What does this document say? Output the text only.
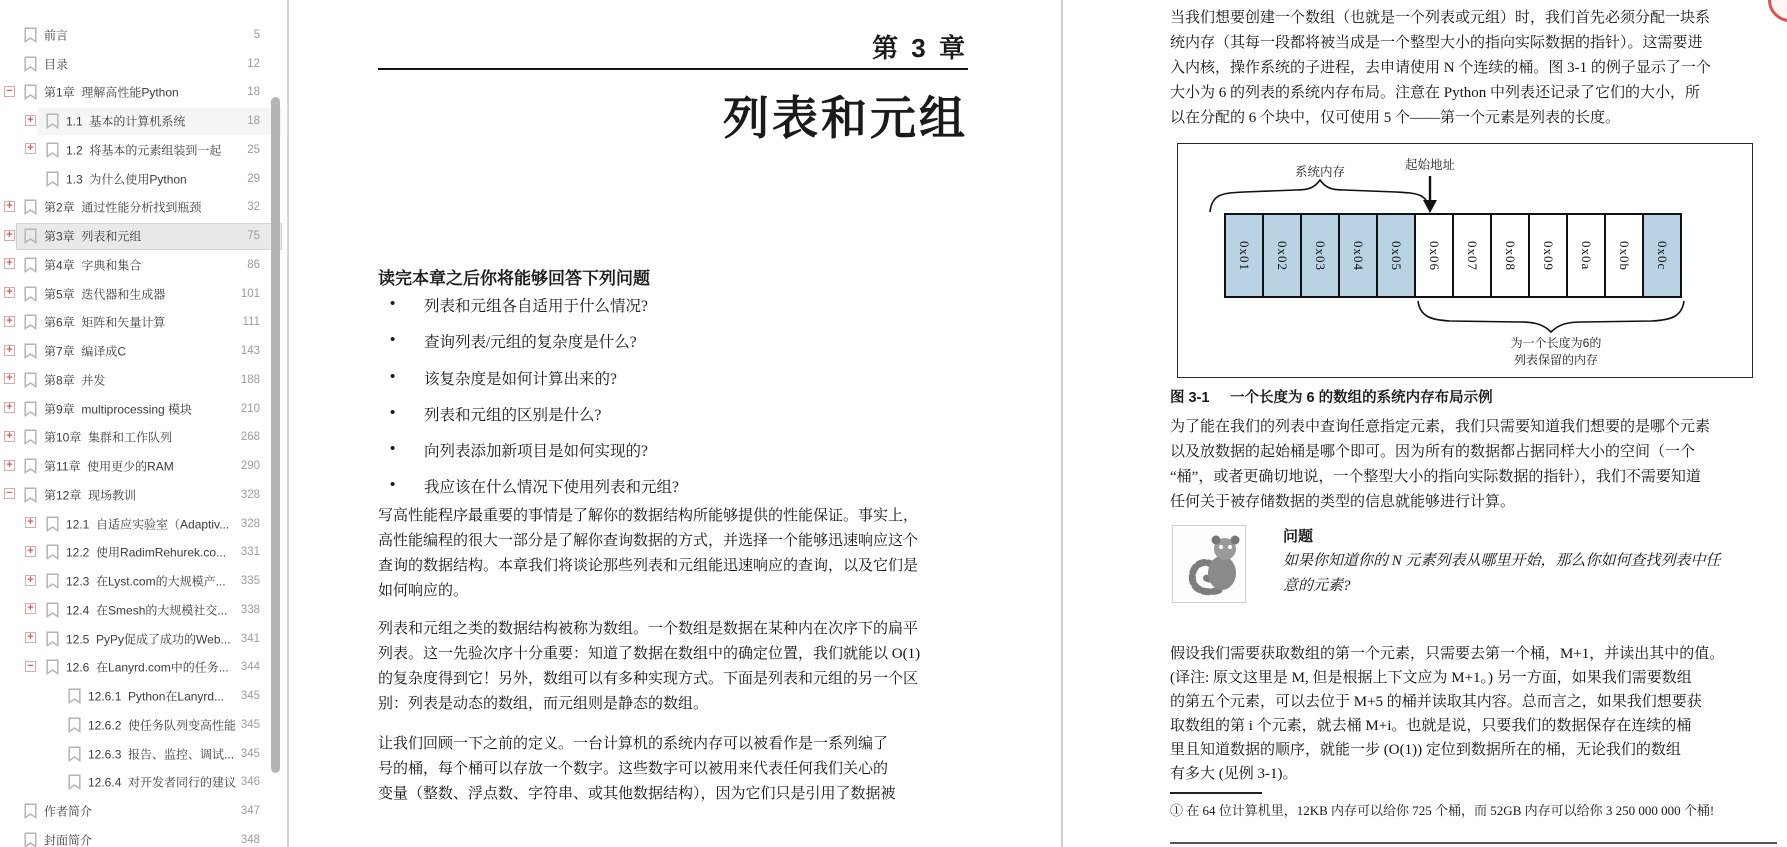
前言	5
目录	12
−
第1章  理解高性能Python	18
+
1.1  基本的计算机系统	18
+
1.2  将基本的元素组装到一起 25
1.3  为什么使用Python	29
+
第2章  通过性能分析找到瓶颈	32
+
第3章  列表和元组	75
+
第4章  字典和集合	86
+
第5章  迭代器和生成器	101
+
第6章  矩阵和矢量计算	111
+
第7章  编译成C	143
+
第8章  并发	188
+
第9章  multiprocessing 模块	210
+
第10章  集群和工作队列	268
+
第11章  使用更少的RAM	290
−
第12章  现场教训	328
+
12.1  自适应实验室（Adaptiv... 328
+
12.2  使用RadimRehurek.co... 331
+
12.3  在Lyst.com的大规模产... 335
+
12.4  在Smesh的大规模社交... 338
+
12.5  PyPy促成了成功的Web... 341
−
12.6  在Lanyrd.com中的任务... 344
12.6.1  Python在Lanyrd... 345
12.6.2  使任务队列变高性能 345
12.6.3  报告、监控、调试... 345
12.6.4  对开发者同行的建议 346
作者简介	347
封面简介	348
第 3 章
列表和元组
读完本章之后你将能够回答下列问题
• 列表和元组各自适用于什么情况?
• 查询列表/元组的复杂度是什么?
• 该复杂度是如何计算出来的?
• 列表和元组的区别是什么?
• 向列表添加新项目是如何实现的?
• 我应该在什么情况下使用列表和元组?
写高性能程序最重要的事情是了解你的数据结构所能够提供的性能保证。事实上，
高性能编程的很大一部分是了解你查询数据的方式，并选择一个能够迅速响应这个
查询的数据结构。本章我们将谈论那些列表和元组能迅速响应的查询，以及它们是
如何响应的。
列表和元组之类的数据结构被称为数组。一个数组是数据在某种内在次序下的扁平
列表。这一先验次序十分重要：知道了数据在数组中的确定位置，我们就能以 O(1)
的复杂度得到它！另外，数组可以有多种实现方式。下面是列表和元组的另一个区
别：列表是动态的数组，而元组则是静态的数组。
让我们回顾一下之前的定义。一台计算机的系统内存可以被看作是一系列编了
号的桶，每个桶可以存放一个数字。这些数字可以被用来代表任何我们关心的
变量（整数、浮点数、字符串、或其他数据结构），因为它们只是引用了数据被
当我们想要创建一个数组（也就是一个列表或元组）时，我们首先必须分配一块系
统内存（其每一段都将被当成是一个整型大小的指向实际数据的指针）。这需要进
入内核，操作系统的子进程，去申请使用 N 个连续的桶。图 3-1 的例子显示了一个
大小为 6 的列表的系统内存布局。注意在 Python 中列表还记录了它们的大小，所
以在分配的 6 个块中，仅可使用 5 个——第一个元素是列表的长度。
系统内存	起始地址
0x01 0x02 0x03 0x04 0x05 0x06 0x07 0x08 0x09 0x0a 0x0b 0x0c
为一个长度为6的
列表保留的内存
图 3-1 一个长度为 6 的数组的系统内存布局示例
为了能在我们的列表中查询任意指定元素，我们只需要知道我们想要的是哪个元素
以及放数据的起始桶是哪个即可。因为所有的数据都占据同样大小的空间（一个
“桶”，或者更确切地说，一个整型大小的指向实际数据的指针），我们不需要知道
任何关于被存储数据的类型的信息就能够进行计算。
问题
如果你知道你的 N 元素列表从哪里开始，那么你如何查找列表中任
意的元素?
假设我们需要获取数组的第一个元素，只需要去第一个桶，M+1，并读出其中的值。
(译注: 原文这里是 M, 但是根据上下文应为 M+1。) 另一方面，如果我们需要数组
的第五个元素，可以去位于 M+5 的桶并读取其内容。总而言之，如果我们想要获
取数组的第 i 个元素，就去桶 M+i。也就是说，只要我们的数据保存在连续的桶
里且知道数据的顺序，就能一步 (O(1)) 定位到数据所在的桶，无论我们的数组
有多大 (见例 3-1)。
① 在 64 位计算机里，12KB 内存可以给你 725 个桶，而 52GB 内存可以给你 3 250 000 000 个桶!
